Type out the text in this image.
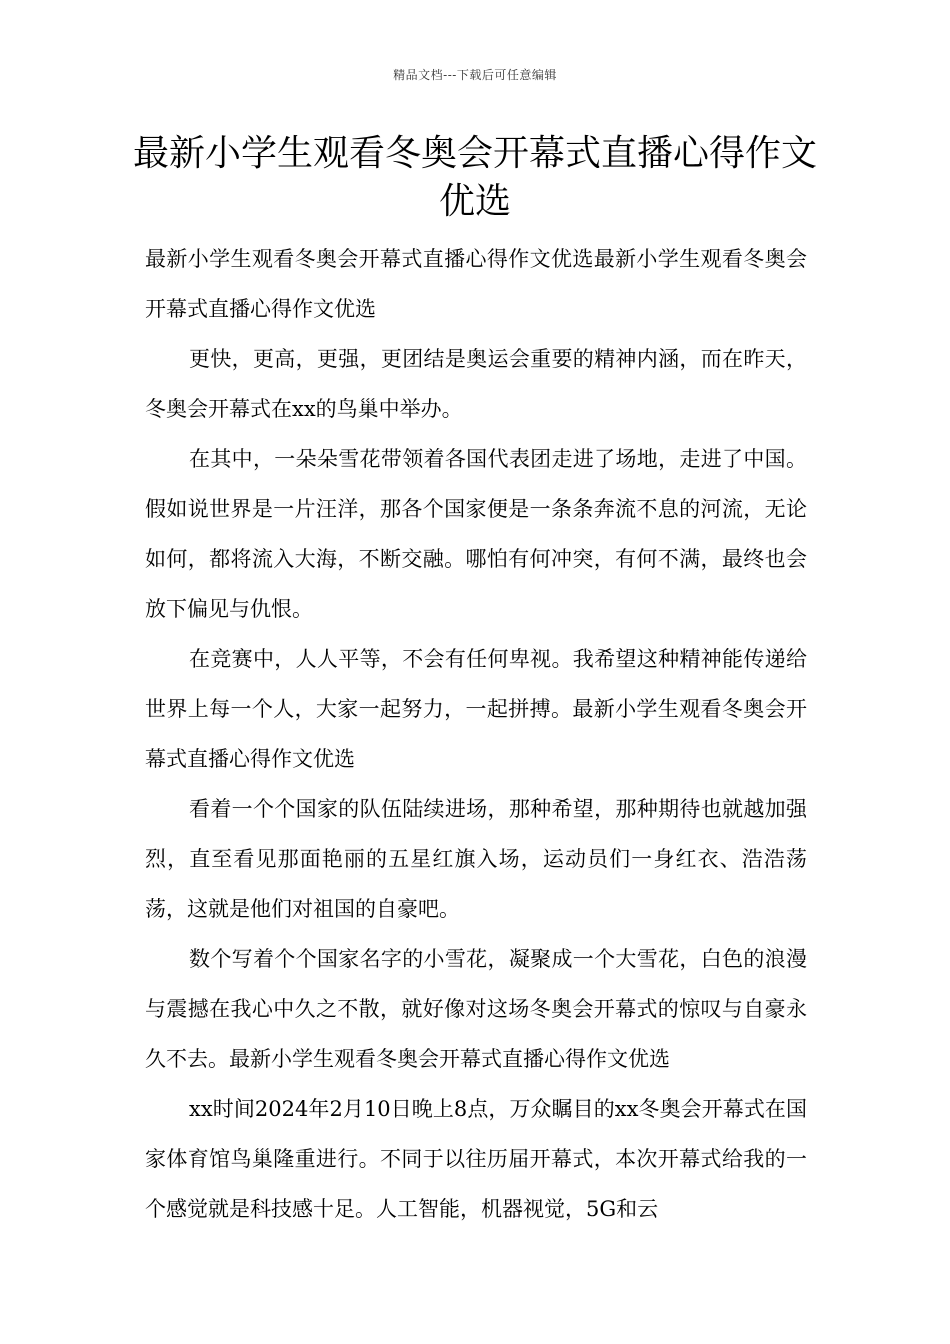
精品文档---下载后可任意编辑
最新小学生观看冬奥会开幕式直播心得作文优选

最新小学生观看冬奥会开幕式直播心得作文优选最新小学生观看冬奥会开幕式直播心得作文优选

更快，更高，更强，更团结是奥运会重要的精神内涵，而在昨天，冬奥会开幕式在xx的鸟巢中举办。

在其中，一朵朵雪花带领着各国代表团走进了场地，走进了中国。假如说世界是一片汪洋，那各个国家便是一条条奔流不息的河流，无论如何，都将流入大海，不断交融。哪怕有何冲突，有何不满，最终也会放下偏见与仇恨。

在竞赛中，人人平等，不会有任何卑视。我希望这种精神能传递给世界上每一个人，大家一起努力，一起拼搏。最新小学生观看冬奥会开幕式直播心得作文优选

看着一个个国家的队伍陆续进场，那种希望，那种期待也就越加强烈，直至看见那面艳丽的五星红旗入场，运动员们一身红衣、浩浩荡荡，这就是他们对祖国的自豪吧。

数个写着个个国家名字的小雪花，凝聚成一个大雪花，白色的浪漫与震撼在我心中久之不散，就好像对这场冬奥会开幕式的惊叹与自豪永久不去。最新小学生观看冬奥会开幕式直播心得作文优选

xx时间2024年2月10日晚上8点，万众瞩目的xx冬奥会开幕式在国家体育馆鸟巢隆重进行。不同于以往历届开幕式，本次开幕式给我的一个感觉就是科技感十足。人工智能，机器视觉，5G和云
